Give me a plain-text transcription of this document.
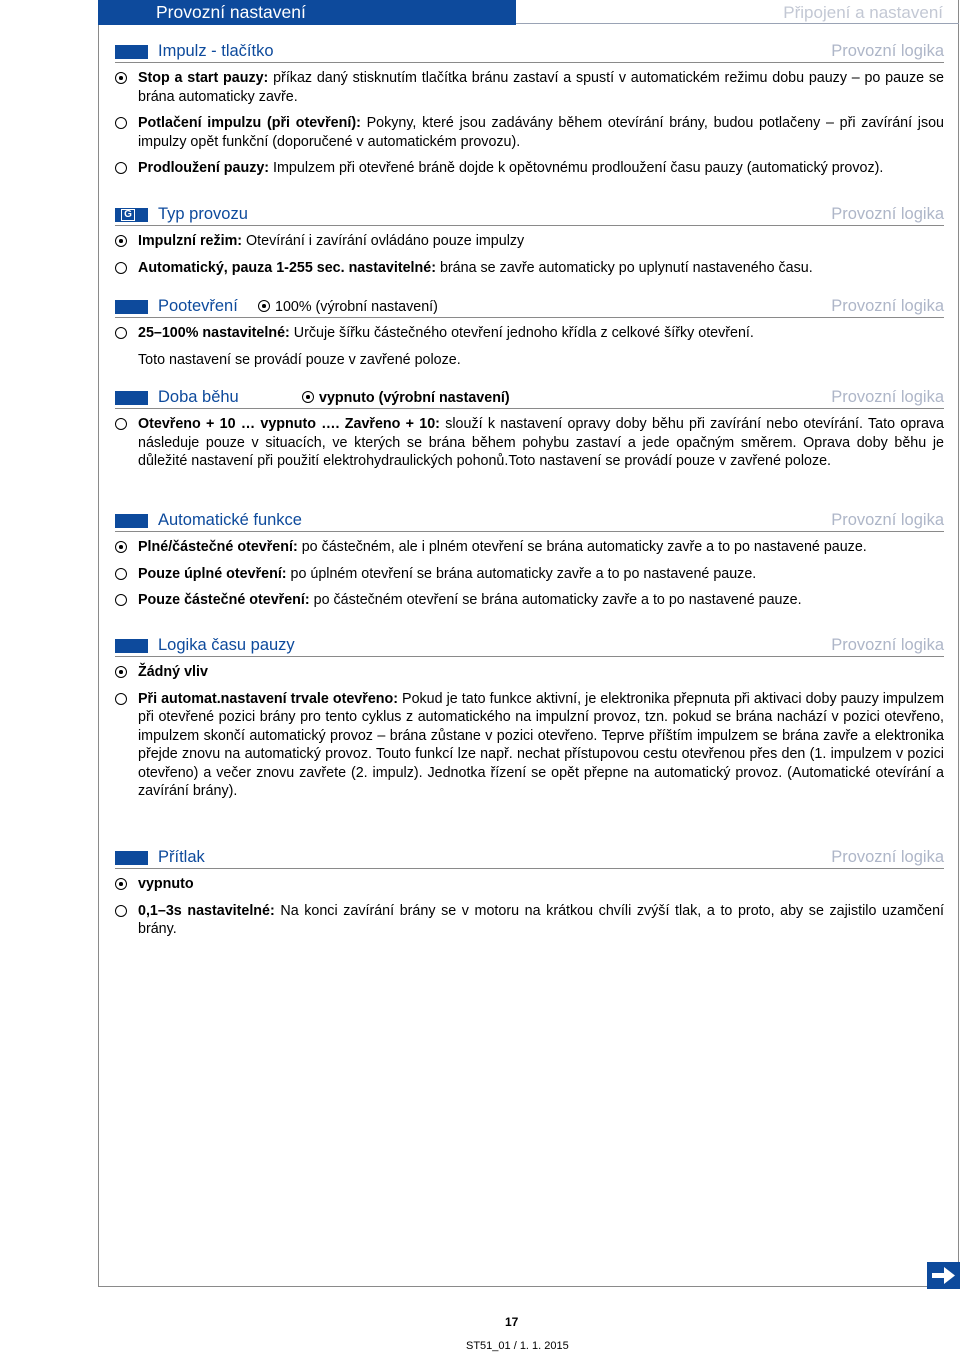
Provozní nastavení	Připojení a nastavení
Impulz - tlačítko	Provozní logika
Stop a start pauzy: příkaz daný stisknutím tlačítka bránu zastaví a spustí v automatickém režimu dobu pauzy – po pauze se brána automaticky zavře.
Potlačení impulzu (při otevření): Pokyny, které jsou zadávány během otevírání brány, budou potlačeny – při zavírání jsou impulzy opět funkční (doporučené v automatickém provozu).
Prodloužení pauzy: Impulzem při otevřené bráně dojde k opětovnému prodloužení času pauzy (automatický provoz).
G Typ provozu	Provozní logika
Impulzní režim: Otevírání i zavírání ovládáno pouze impulzy
Automatický, pauza 1-255 sec. nastavitelné: brána se zavře automaticky po uplynutí nastaveného času.
Pootevření	100% (výrobní nastavení)	Provozní logika
25–100% nastavitelné: Určuje šířku částečného otevření jednoho křídla z celkové šířky otevření.
Toto nastavení se provádí pouze v zavřené poloze.
Doba běhu	vypnuto (výrobní nastavení)	Provozní logika
Otevřeno + 10 … vypnuto …. Zavřeno + 10: slouží k nastavení opravy doby běhu při zavírání nebo otevírání. Tato oprava následuje pouze v situacích, ve kterých se brána během pohybu zastaví a jede opačným směrem. Oprava doby běhu je důležité nastavení při použití elektrohydraulických pohonů.Toto nastavení se provádí pouze v zavřené poloze.
Automatické funkce	Provozní logika
Plné/částečné otevření: po částečném, ale i plném otevření se brána automaticky zavře a to po nastavené pauze.
Pouze úplné otevření: po úplném otevření se brána automaticky zavře a to po nastavené pauze.
Pouze částečné otevření: po částečném otevření se brána automaticky zavře a to po nastavené pauze.
Logika času pauzy	Provozní logika
Žádný vliv
Při automat.nastavení trvale otevřeno: Pokud je tato funkce aktivní, je elektronika přepnuta při aktivaci doby pauzy impulzem při otevřené pozici brány pro tento cyklus z automatického na impulzní provoz, tzn. pokud se brána nachází v pozici otevřeno, impulzem skončí automatický provoz – brána zůstane v pozici otevřeno. Teprve příštím impulzem se brána zavře a elektronika přejde znovu na automatický provoz. Touto funkcí lze např. nechat přístupovou cestu otevřenou přes den (1. impulzem v pozici otevřeno) a večer znovu zavřete (2. impulz). Jednotka řízení se opět přepne na automatický provoz. (Automatické otevírání a zavírání brány).
Přítlak	Provozní logika
vypnuto
0,1–3s nastavitelné: Na konci zavírání brány se v motoru na krátkou chvíli zvýší tlak, a to proto, aby se zajistilo uzamčení brány.
17
ST51_01 / 1. 1. 2015
